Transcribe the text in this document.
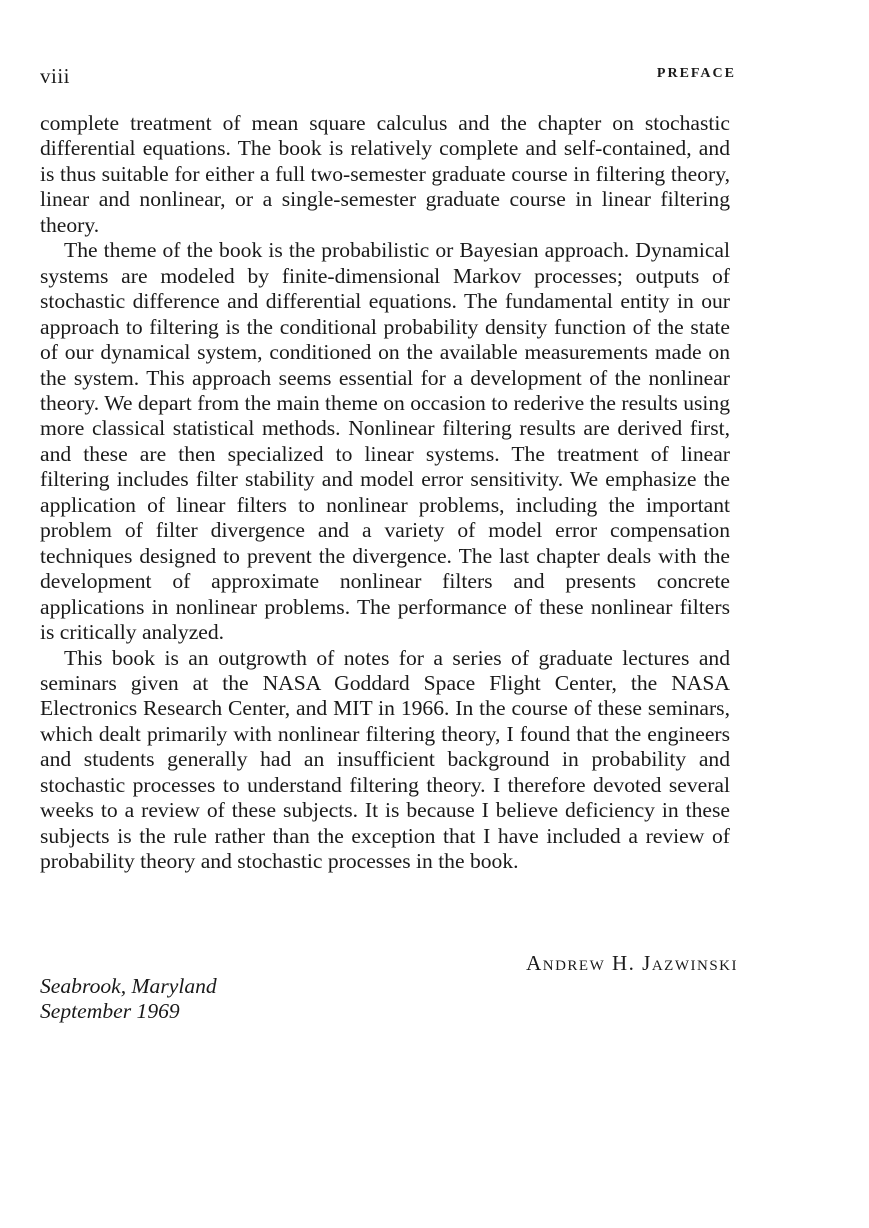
viii	PREFACE

complete treatment of mean square calculus and the chapter on stochastic differential equations. The book is relatively complete and self-contained, and is thus suitable for either a full two-semester graduate course in filtering theory, linear and nonlinear, or a single-semester graduate course in linear filtering theory.

The theme of the book is the probabilistic or Bayesian approach. Dynamical systems are modeled by finite-dimensional Markov processes; outputs of stochastic difference and differential equations. The fundamental entity in our approach to filtering is the conditional probability density function of the state of our dynamical system, conditioned on the available measurements made on the system. This approach seems essential for a development of the nonlinear theory. We depart from the main theme on occasion to rederive the results using more classical statistical methods. Nonlinear filtering results are derived first, and these are then specialized to linear systems. The treatment of linear filtering includes filter stability and model error sensitivity. We emphasize the application of linear filters to nonlinear problems, including the important problem of filter divergence and a variety of model error compensation techniques designed to prevent the divergence. The last chapter deals with the development of approximate nonlinear filters and presents concrete applications in nonlinear problems. The performance of these nonlinear filters is critically analyzed.

This book is an outgrowth of notes for a series of graduate lectures and seminars given at the NASA Goddard Space Flight Center, the NASA Electronics Research Center, and MIT in 1966. In the course of these seminars, which dealt primarily with nonlinear filtering theory, I found that the engineers and students generally had an insufficient background in probability and stochastic processes to understand filtering theory. I therefore devoted several weeks to a review of these subjects. It is because I believe deficiency in these subjects is the rule rather than the exception that I have included a review of probability theory and stochastic processes in the book.

Andrew H. Jazwinski
Seabrook, Maryland
September 1969
